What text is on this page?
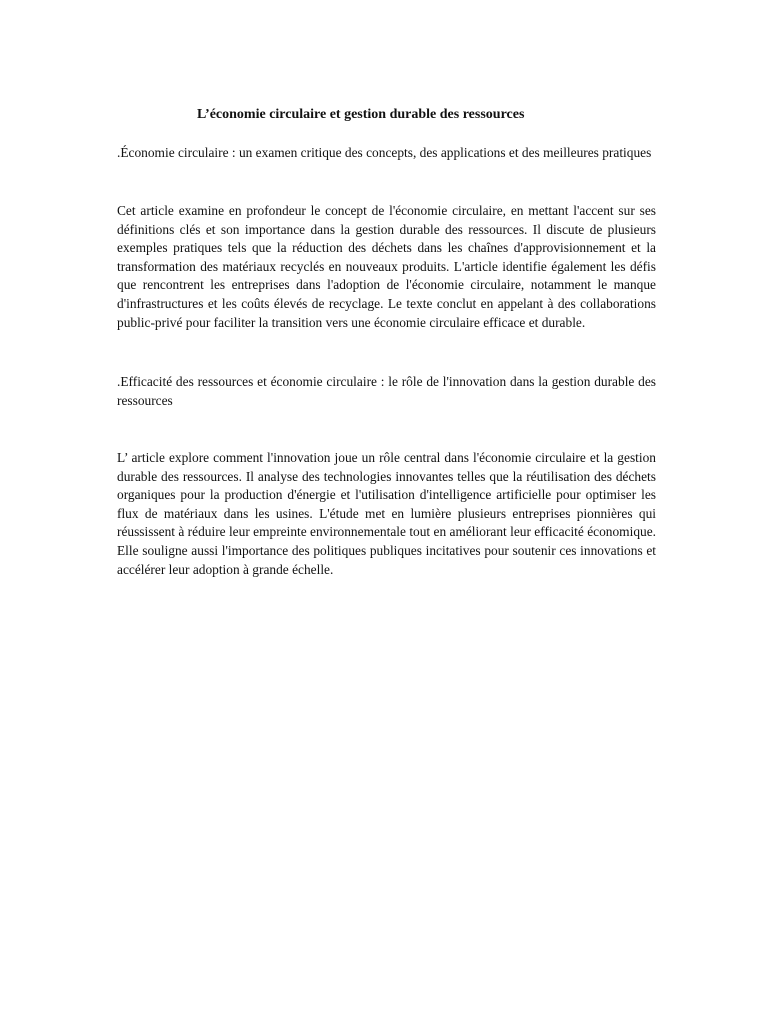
L’économie circulaire et gestion durable des ressources
.Économie circulaire : un examen critique des concepts, des applications et des meilleures pratiques
Cet article examine en profondeur le concept de l'économie circulaire, en mettant l'accent sur ses définitions clés et son importance dans la gestion durable des ressources. Il discute de plusieurs exemples pratiques tels que la réduction des déchets dans les chaînes d'approvisionnement et la transformation des matériaux recyclés en nouveaux produits. L'article identifie également les défis que rencontrent les entreprises dans l'adoption de l'économie circulaire, notamment le manque d'infrastructures et les coûts élevés de recyclage. Le texte conclut en appelant à des collaborations public-privé pour faciliter la transition vers une économie circulaire efficace et durable.
.Efficacité des ressources et économie circulaire : le rôle de l'innovation dans la gestion durable des ressources
L’ article explore comment l'innovation joue un rôle central dans l'économie circulaire et la gestion durable des ressources. Il analyse des technologies innovantes telles que la réutilisation des déchets organiques pour la production d'énergie et l'utilisation d'intelligence artificielle pour optimiser les flux de matériaux dans les usines. L'étude met en lumière plusieurs entreprises pionnières qui réussissent à réduire leur empreinte environnementale tout en améliorant leur efficacité économique. Elle souligne aussi l'importance des politiques publiques incitatives pour soutenir ces innovations et accélérer leur adoption à grande échelle.
